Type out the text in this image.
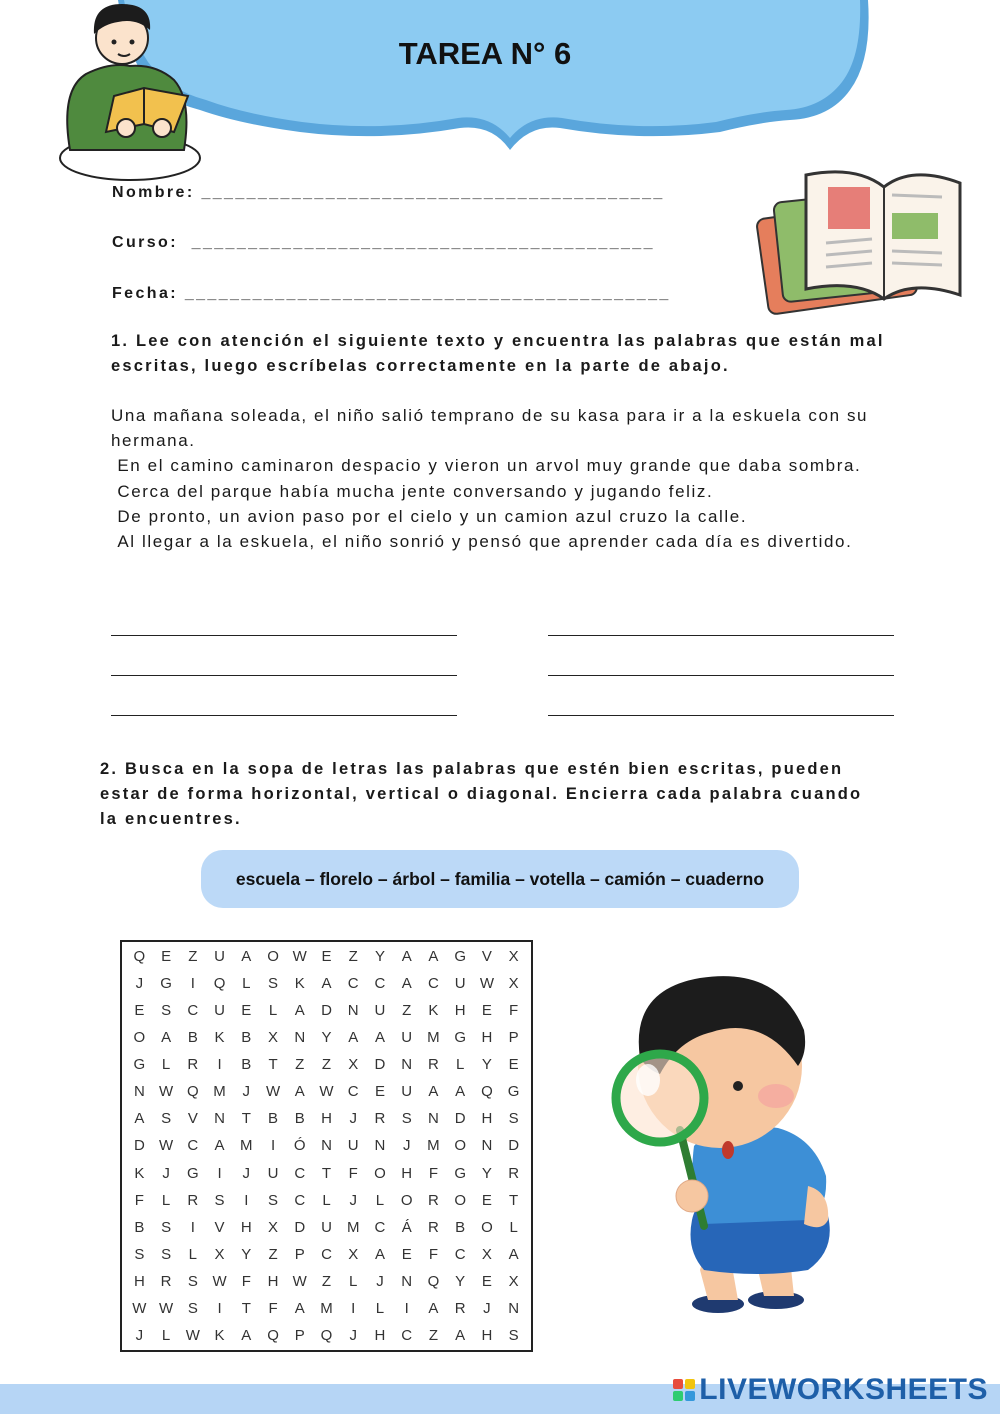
TAREA N° 6
Nombre: _________________________________________
Curso:  _________________________________________
Fecha: ___________________________________________
1. Lee con atención el siguiente texto y encuentra las palabras que están mal escritas, luego escríbelas correctamente en la parte de abajo.

Una mañana soleada, el niño salió temprano de su kasa para ir a la eskuela con su hermana.

En el camino caminaron despacio y vieron un arvol muy grande que daba sombra.

Cerca del parque había mucha jente conversando y jugando feliz.

De pronto, un avion paso por el cielo y un camion azul cruzo la calle.

Al llegar a la eskuela, el niño sonrió y pensó que aprender cada día es divertido.

2. Busca en la sopa de letras las palabras que estén bien escritas, pueden estar de forma horizontal, vertical o diagonal. Encierra cada palabra cuando la encuentres.
escuela – florelo – árbol – familia – votella – camión – cuaderno
Q	E	Z	U	A	O W E	Z	Y	A	A	G	V	X
J	G	I	Q	L	S	K	A	C	C	A	C	U W X
E	S	C	U	E	L	A	D	N	U	Z	K	H	E	F
O	A	B	K	B	X	N	Y	A	A	U	M G	H	P
G	L	R	I	B	T	Z	Z	X	D	N	R	L	Y	E
N W Q M	J	W A W C	E	U	A	A	Q	G
A	S	V	N	T	B	B	H	J	R	S	N	D	H	S
D W C	A	M	I	Ó	N	U	N	J	M O	N	D
K	J	G	I	J	U	C	T	F	O	H	F	G	Y	R
F	L	R	S	I	S	C	L	J	L	O	R	O	E	T
B	S	I	V	H	X	D	U	M	C	Á	R	B	O	L
S	S	L	X	Y	Z	P	C	X	A	E	F	C	X	A
H	R	S W	F	H W	Z	L	J	N	Q	Y	E	X
W W S	I	T	F	A	M	I	L	I	A	R	J	N
J	L	W K	A	Q	P	Q	J	H	C	Z	A	H	S
LIVEWORKSHEETS
